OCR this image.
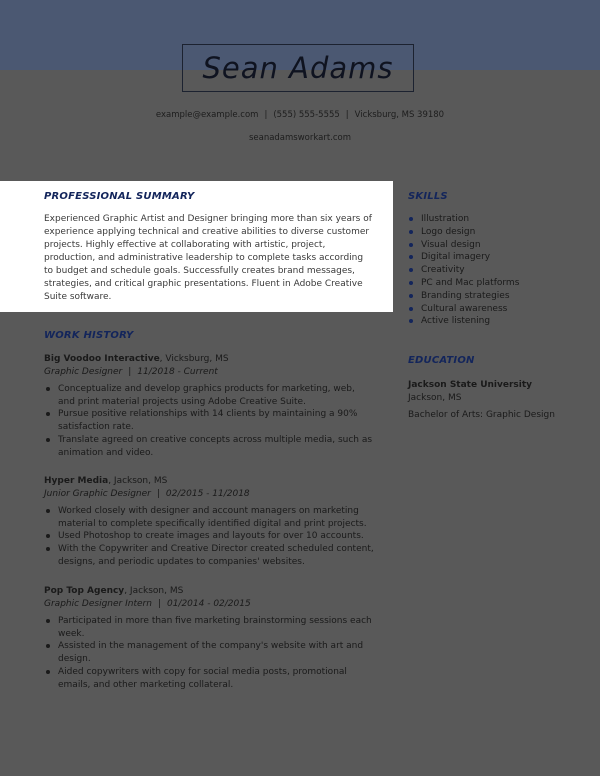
Sean Adams
example@example.com | (555) 555-5555 | Vicksburg, MS 39180
seanadamsworkart.com
PROFESSIONAL SUMMARY
Experienced Graphic Artist and Designer bringing more than six years of experience applying technical and creative abilities to diverse customer projects. Highly effective at collaborating with artistic, project, production, and administrative leadership to complete tasks according to budget and schedule goals. Successfully creates brand messages, strategies, and critical graphic presentations. Fluent in Adobe Creative Suite software.
SKILLS
Illustration
Logo design
Visual design
Digital imagery
Creativity
PC and Mac platforms
Branding strategies
Cultural awareness
Active listening
EDUCATION
Jackson State University
Jackson, MS
Bachelor of Arts: Graphic Design
WORK HISTORY
Big Voodoo Interactive, Vicksburg, MS
Graphic Designer | 11/2018 - Current
Conceptualize and develop graphics products for marketing, web, and print material projects using Adobe Creative Suite.
Pursue positive relationships with 14 clients by maintaining a 90% satisfaction rate.
Translate agreed on creative concepts across multiple media, such as animation and video.
Hyper Media, Jackson, MS
Junior Graphic Designer | 02/2015 - 11/2018
Worked closely with designer and account managers on marketing material to complete specifically identified digital and print projects.
Used Photoshop to create images and layouts for over 10 accounts.
With the Copywriter and Creative Director created scheduled content, designs, and periodic updates to companies' websites.
Pop Top Agency, Jackson, MS
Graphic Designer Intern | 01/2014 - 02/2015
Participated in more than five marketing brainstorming sessions each week.
Assisted in the management of the company's website with art and design.
Aided copywriters with copy for social media posts, promotional emails, and other marketing collateral.
